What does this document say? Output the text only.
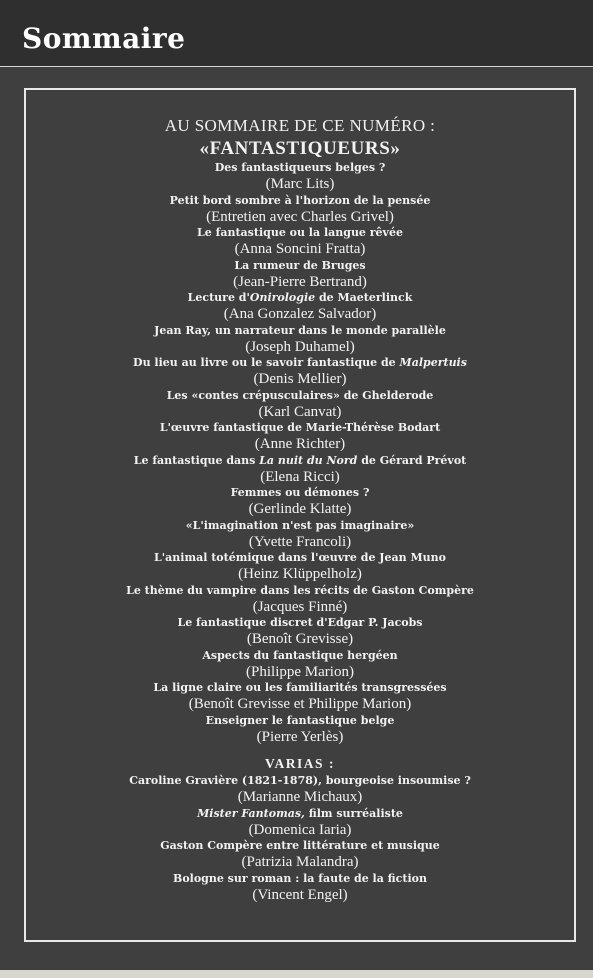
Sommaire
AU SOMMAIRE DE CE NUMÉRO :
«FANTASTIQUEURS»
Des fantastiqueurs belges ?
(Marc Lits)
Petit bord sombre à l'horizon de la pensée
(Entretien avec Charles Grivel)
Le fantastique ou la langue rêvée
(Anna Soncini Fratta)
La rumeur de Bruges
(Jean-Pierre Bertrand)
Lecture d'Onirologie de Maeterlinck
(Ana Gonzalez Salvador)
Jean Ray, un narrateur dans le monde parallèle
(Joseph Duhamel)
Du lieu au livre ou le savoir fantastique de Malpertuis
(Denis Mellier)
Les «contes crépusculaires» de Ghelderode
(Karl Canvat)
L'œuvre fantastique de Marie-Thérèse Bodart
(Anne Richter)
Le fantastique dans La nuit du Nord de Gérard Prévot
(Elena Ricci)
Femmes ou démones ?
(Gerlinde Klatte)
«L'imagination n'est pas imaginaire»
(Yvette Francoli)
L'animal totémique dans l'œuvre de Jean Muno
(Heinz Klüppelholz)
Le thème du vampire dans les récits de Gaston Compère
(Jacques Finné)
Le fantastique discret d'Edgar P. Jacobs
(Benoît Grevisse)
Aspects du fantastique hergéen
(Philippe Marion)
La ligne claire ou les familiarités transgressées
(Benoît Grevisse et Philippe Marion)
Enseigner le fantastique belge
(Pierre Yerlès)
VARIAS :
Caroline Gravière (1821-1878), bourgeoise insoumise ?
(Marianne Michaux)
Mister Fantomas, film surréaliste
(Domenica Iaria)
Gaston Compère entre littérature et musique
(Patrizia Malandra)
Bologne sur roman : la faute de la fiction
(Vincent Engel)
